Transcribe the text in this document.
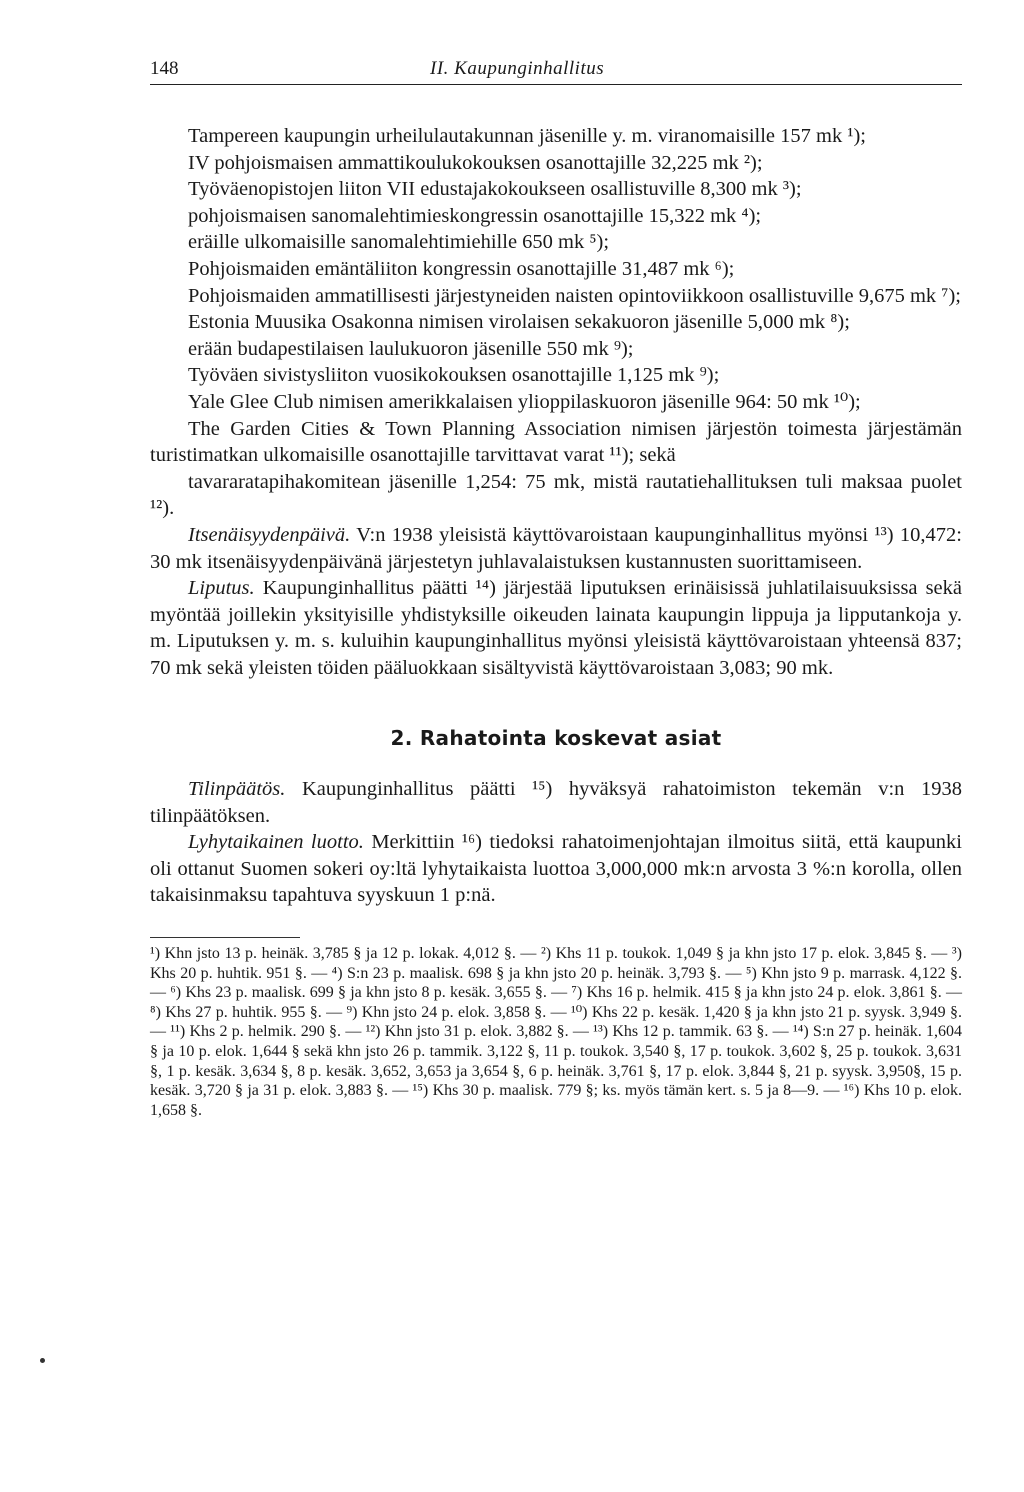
148	II. Kaupunginhallitus

Tampereen kaupungin urheilulautakunnan jäsenille y. m. viranomaisille 157 mk ¹);

IV pohjoismaisen ammattikoulukokouksen osanottajille 32,225 mk ²);

Työväenopistojen liiton VII edustajakokoukseen osallistuville 8,300 mk ³);

pohjoismaisen sanomalehtimieskongressin osanottajille 15,322 mk ⁴);

eräille ulkomaisille sanomalehtimiehille 650 mk ⁵);

Pohjoismaiden emäntäliiton kongressin osanottajille 31,487 mk ⁶);

Pohjoismaiden ammatillisesti järjestyneiden naisten opintoviikkoon osallistuville 9,675 mk ⁷);

Estonia Muusika Osakonna nimisen virolaisen sekakuoron jäsenille 5,000 mk ⁸);

erään budapestilaisen laulukuoron jäsenille 550 mk ⁹);

Työväen sivistysliiton vuosikokouksen osanottajille 1,125 mk ⁹);

Yale Glee Club nimisen amerikkalaisen ylioppilaskuoron jäsenille 964: 50 mk ¹⁰);

The Garden Cities & Town Planning Association nimisen järjestön toimesta järjestämän turistimatkan ulkomaisille osanottajille tarvittavat varat ¹¹); sekä

tavararatapihakomitean jäsenille 1,254: 75 mk, mistä rautatiehallituksen tuli maksaa puolet ¹²).

Itsenäisyydenpäivä. V:n 1938 yleisistä käyttövaroistaan kaupunginhallitus myönsi ¹³) 10,472: 30 mk itsenäisyydenpäivänä järjestetyn juhlavalaistuksen kustannusten suorittamiseen.

Liputus. Kaupunginhallitus päätti ¹⁴) järjestää liputuksen erinäisissä juhlatilaisuuksissa sekä myöntää joillekin yksityisille yhdistyksille oikeuden lainata kaupungin lippuja ja lipputankoja y. m. Liputuksen y. m. s. kuluihin kaupunginhallitus myönsi yleisistä käyttövaroistaan yhteensä 837; 70 mk sekä yleisten töiden pääluokkaan sisältyvistä käyttövaroistaan 3,083; 90 mk.

2. Rahatointa koskevat asiat

Tilinpäätös. Kaupunginhallitus päätti ¹⁵) hyväksyä rahatoimiston tekemän v:n 1938 tilinpäätöksen.

Lyhytaikainen luotto. Merkittiin ¹⁶) tiedoksi rahatoimenjohtajan ilmoitus siitä, että kaupunki oli ottanut Suomen sokeri oy:ltä lyhytaikaista luottoa 3,000,000 mk:n arvosta 3 %:n korolla, ollen takaisinmaksu tapahtuva syyskuun 1 p:nä.

¹) Khn jsto 13 p. heinäk. 3,785 § ja 12 p. lokak. 4,012 §. — ²) Khs 11 p. toukok. 1,049 § ja khn jsto 17 p. elok. 3,845 §. — ³) Khs 20 p. huhtik. 951 §. — ⁴) S:n 23 p. maalisk. 698 § ja khn jsto 20 p. heinäk. 3,793 §. — ⁵) Khn jsto 9 p. marrask. 4,122 §. — ⁶) Khs 23 p. maalisk. 699 § ja khn jsto 8 p. kesäk. 3,655 §. — ⁷) Khs 16 p. helmik. 415 § ja khn jsto 24 p. elok. 3,861 §. — ⁸) Khs 27 p. huhtik. 955 §. — ⁹) Khn jsto 24 p. elok. 3,858 §. — ¹⁰) Khs 22 p. kesäk. 1,420 § ja khn jsto 21 p. syysk. 3,949 §. — ¹¹) Khs 2 p. helmik. 290 §. — ¹²) Khn jsto 31 p. elok. 3,882 §. — ¹³) Khs 12 p. tammik. 63 §. — ¹⁴) S:n 27 p. heinäk. 1,604 § ja 10 p. elok. 1,644 § sekä khn jsto 26 p. tammik. 3,122 §, 11 p. toukok. 3,540 §, 17 p. toukok. 3,602 §, 25 p. toukok. 3,631 §, 1 p. kesäk. 3,634 §, 8 p. kesäk. 3,652, 3,653 ja 3,654 §, 6 p. heinäk. 3,761 §, 17 p. elok. 3,844 §, 21 p. syysk. 3,950§, 15 p. kesäk. 3,720 § ja 31 p. elok. 3,883 §. — ¹⁵) Khs 30 p. maalisk. 779 §; ks. myös tämän kert. s. 5 ja 8—9. — ¹⁶) Khs 10 p. elok. 1,658 §.
